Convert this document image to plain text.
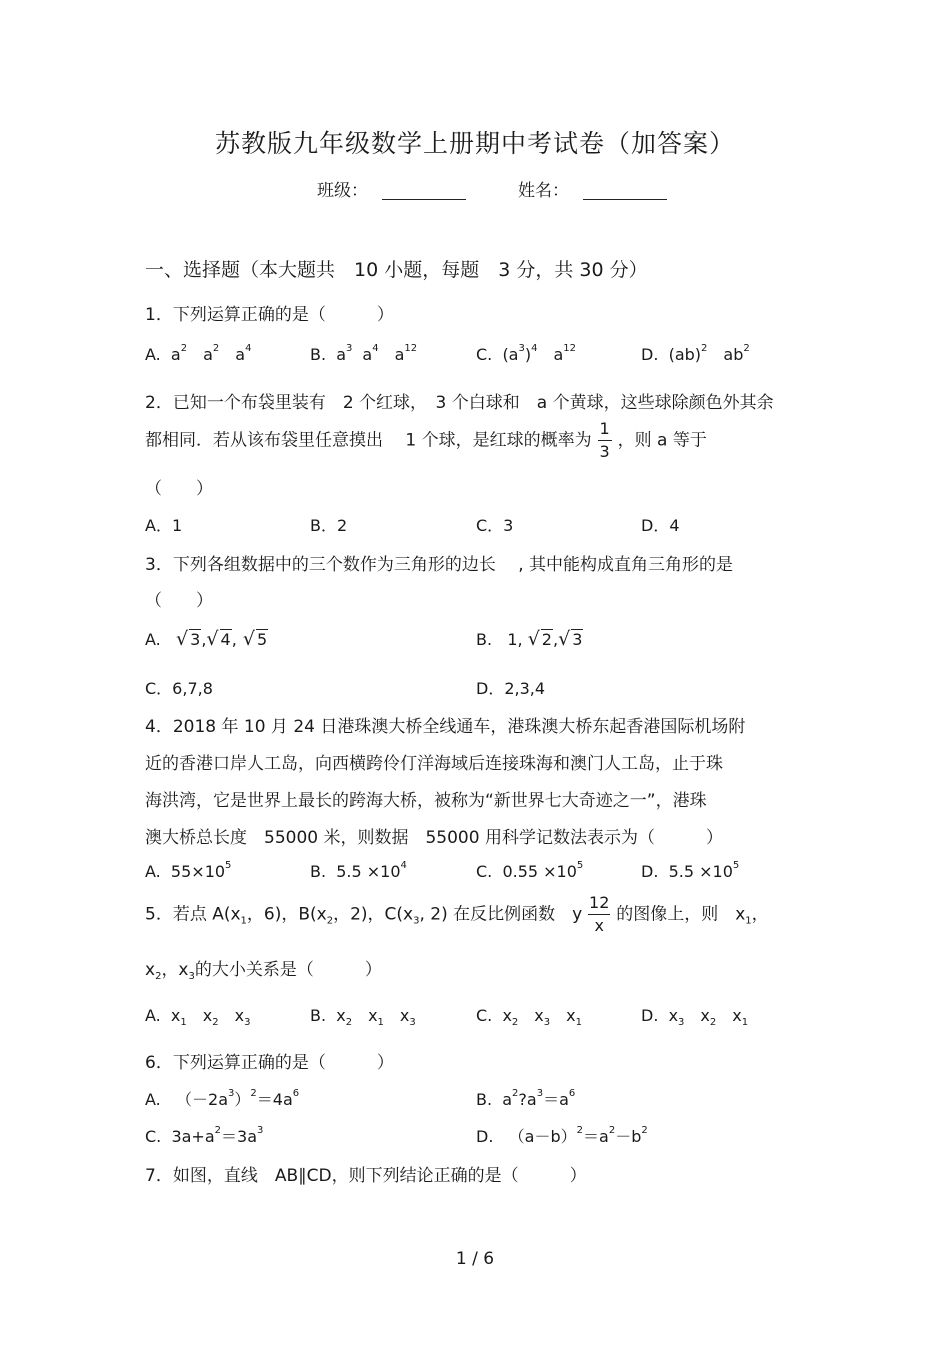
苏教版九年级数学上册期中考试卷（加答案）
班级：	姓名：
一、选择题（本大题共　10 小题，每题　3 分，共 30 分）
1．下列运算正确的是（　　　）
A. $a^2$ $a^2$ $a^4$	B. $a^3$ $a^4$ $a^{12}$	C. $(a^3)^4$ $a^{12}$	D. (ab)$^2$ $ab^2$
2．已知一个布袋里装有　2 个红球，　3 个白球和　a 个黄球，这些球除颜色外其余
都相同．若从该布袋里任意摸出　 1 个球，是红球的概率为 $\frac{1}{3}$ ，则 a 等于
（　　）
A．1	B．2	C．3	D．4
3．下列各组数据中的三个数作为三角形的边长　 , 其中能构成直角三角形的是
（　　）
A. √ 3,√ 4, √ 5	B. 1, √ 2,√ 3
C．6,7,8	D．2,3,4
4．2018 年 10 月 24 日港珠澳大桥全线通车，港珠澳大桥东起香港国际机场附
近的香港口岸人工岛，向西横跨伶仃洋海域后连接珠海和澳门人工岛，止于珠
海洪湾，它是世界上最长的跨海大桥，被称为“新世界七大奇迹之一”，港珠
澳大桥总长度　55000 米，则数据　55000 用科学记数法表示为（　　　）
A. $55\times 10^5$	B. $5.5 \times 10^4$	C. $0.55 \times 10^5$	D. $5.5 \times 10^5$
5．若点 $A(x_1$，6)，$B(x_2$，2)，$C(x_3$, 2) 在反比例函数　y $\frac{12}{x}$ 的图像上，则　$x_1$，
$x_2$，$x_3$的大小关系是（　　　）
A. $x_1$ $x_2$ $x_3$	B. $x_2$ $x_1$ $x_3$	C. $x_2$ $x_3$ $x_1$	D. $x_3$ $x_2$ $x_1$
6．下列运算正确的是（　　　）
A. $(-2a^3)^2=4a^6$	B. $a^2?a^3=a^6$
C. $3a+a^2=3a^3$	D. $(a-b)^2=a^2-b^2$
7．如图，直线　AB∥CD，则下列结论正确的是（　　　）
1 / 6
